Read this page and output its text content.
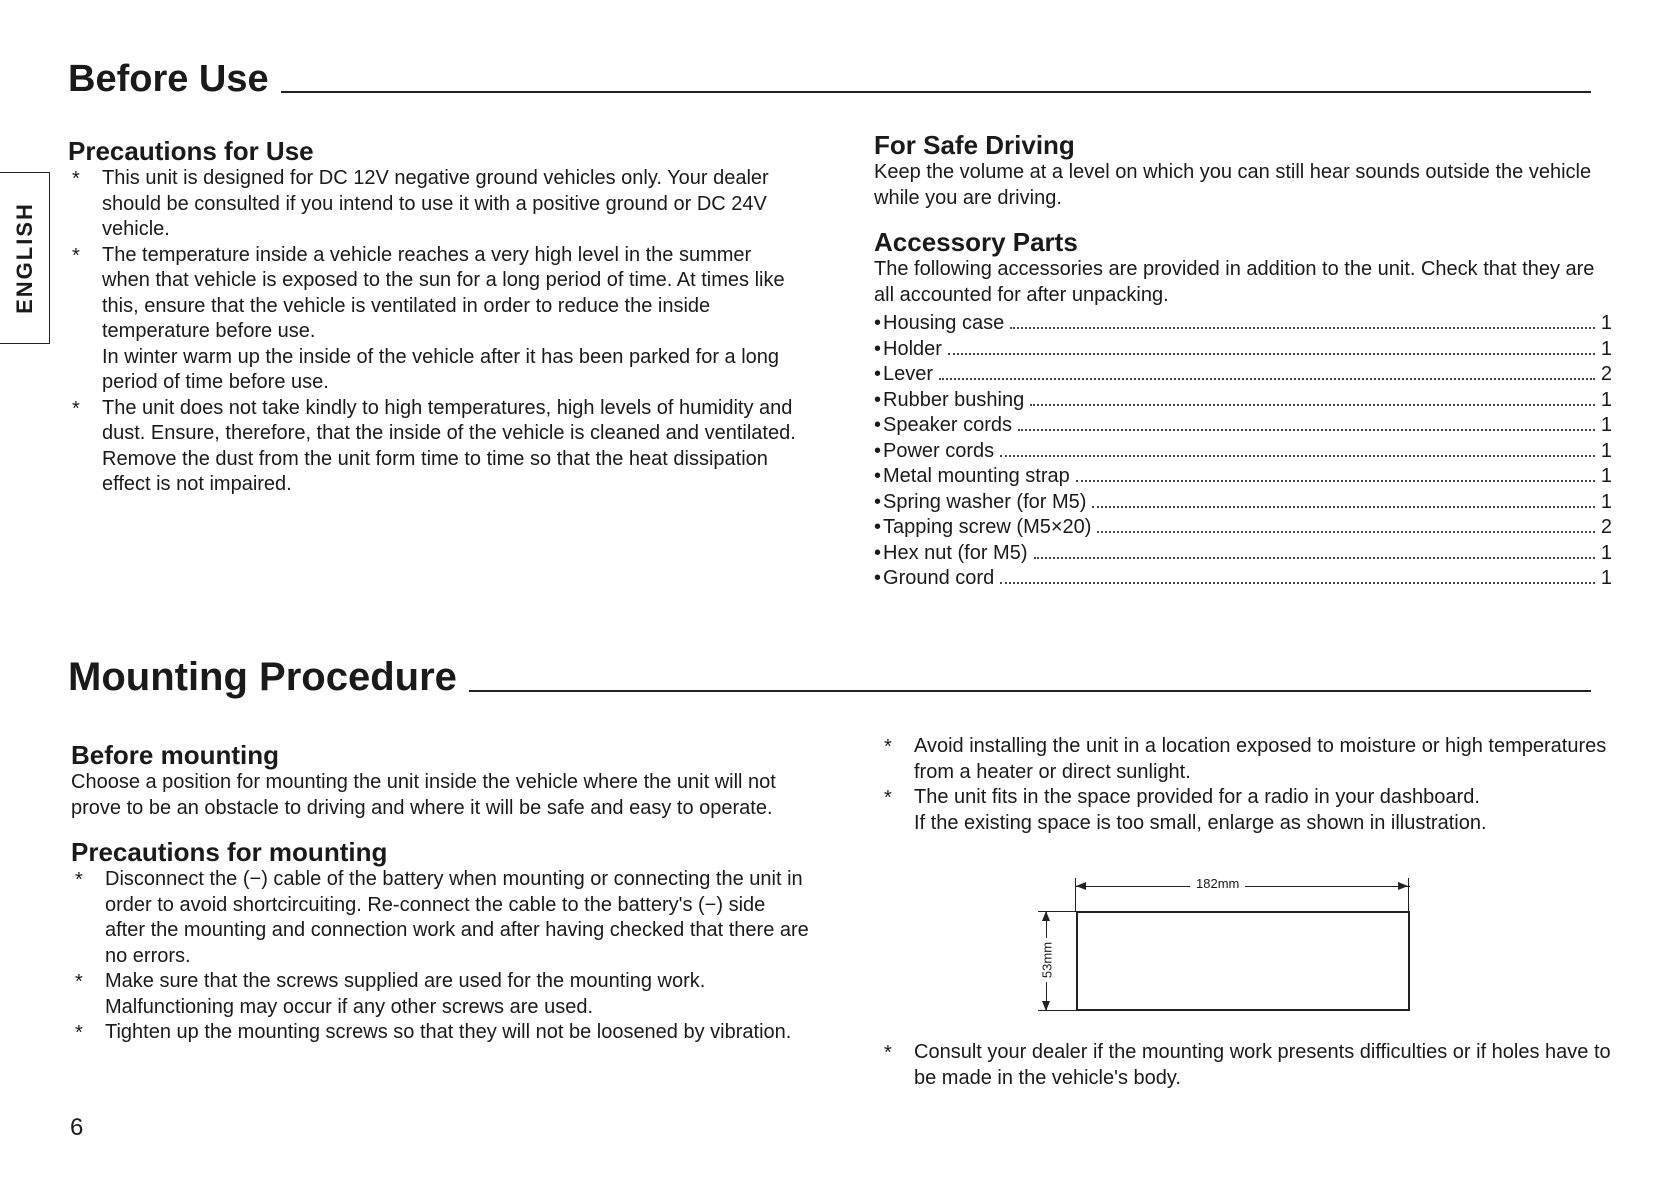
ENGLISH
Before Use
Precautions for Use
* This unit is designed for DC 12V negative ground vehicles only. Your dealer should be consulted if you intend to use it with a positive ground or DC 24V vehicle.
* The temperature inside a vehicle reaches a very high level in the summer when that vehicle is exposed to the sun for a long period of time. At times like this, ensure that the vehicle is ventilated in order to reduce the inside temperature before use.
In winter warm up the inside of the vehicle after it has been parked for a long period of time before use.
* The unit does not take kindly to high temperatures, high levels of humidity and dust. Ensure, therefore, that the inside of the vehicle is cleaned and ventilated. Remove the dust from the unit form time to time so that the heat dissipation effect is not impaired.
For Safe Driving

Keep the volume at a level on which you can still hear sounds outside the vehicle while you are driving.

Accessory Parts

The following accessories are provided in addition to the unit. Check that they are all accounted for after unpacking.

• Housing case	1
• Holder	1
• Lever	2
• Rubber bushing	1
• Speaker cords	1
• Power cords	1
• Metal mounting strap	1
• Spring washer (for M5)	1
• Tapping screw (M5×20)	2
• Hex nut (for M5)	1
• Ground cord	1
Mounting Procedure
Before mounting

Choose a position for mounting the unit inside the vehicle where the unit will not prove to be an obstacle to driving and where it will be safe and easy to operate.

Precautions for mounting
* Disconnect the (−) cable of the battery when mounting or connecting the unit in order to avoid shortcircuiting. Re-connect the cable to the battery's (−) side after the mounting and connection work and after having checked that there are no errors.
* Make sure that the screws supplied are used for the mounting work. Malfunctioning may occur if any other screws are used.
* Tighten up the mounting screws so that they will not be loosened by vibration.
* Avoid installing the unit in a location exposed to moisture or high temperatures from a heater or direct sunlight.
* The unit fits in the space provided for a radio in your dashboard.
If the existing space is too small, enlarge as shown in illustration.
182mm
53mm
* Consult your dealer if the mounting work presents difficulties or if holes have to be made in the vehicle's body.
6
